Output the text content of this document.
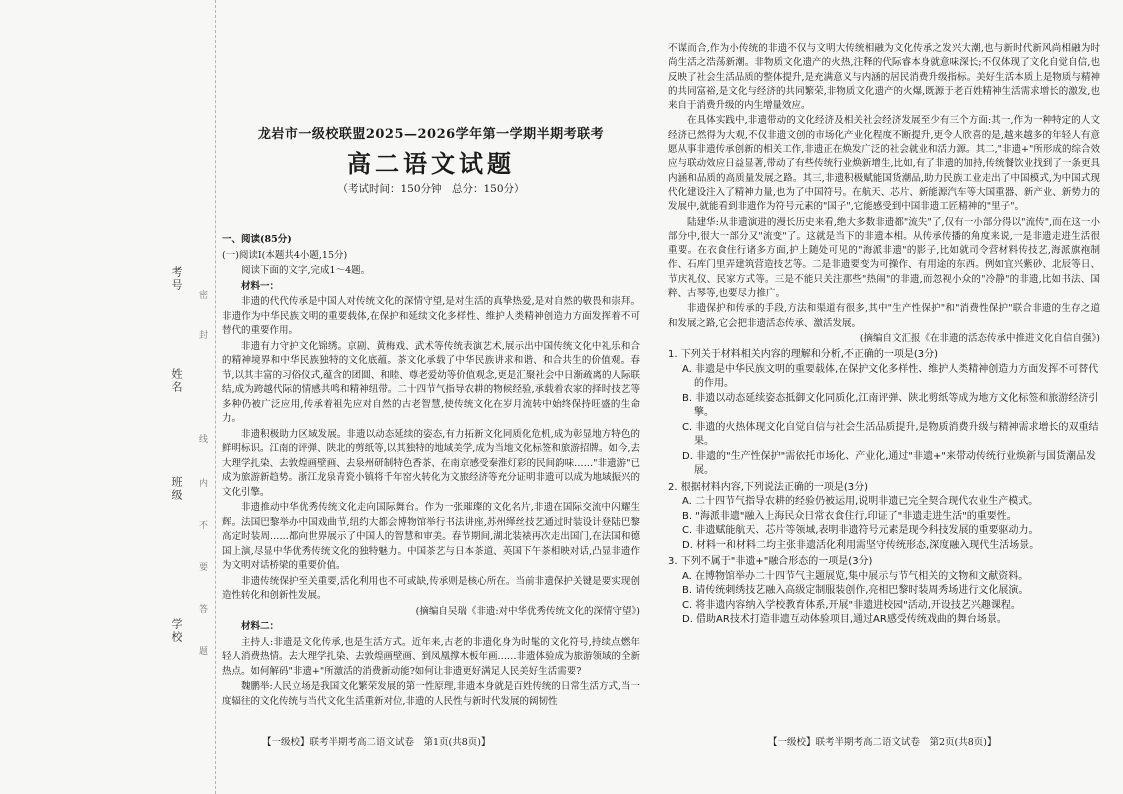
考号
姓名
班级
学校
密
封
线
内
不
要
答
题
龙岩市一级校联盟2025—2026学年第一学期半期考联考
高二语文试题
（考试时间：150分钟　总分：150分）

一、阅读(85分)

(一)阅读Ⅰ(本题共4小题,15分)

阅读下面的文字,完成1～4题。

材料一：

非遗的代代传承是中国人对传统文化的深情守望,是对生活的真挚热爱,是对自然的敬畏和崇拜。非遗作为中华民族文明的重要载体,在保护和延续文化多样性、维护人类精神创造力方面发挥着不可替代的重要作用。

非遗有力守护文化锦绣。京剧、黄梅戏、武术等传统表演艺术,展示出中国传统文化中礼乐和合的精神境界和中华民族独特的文化底蕴。茶文化承载了中华民族讲求和谐、和合共生的价值观。春节,以其丰富的习俗仪式,蕴含的团圆、和睦、尊老爱幼等价值观念,更是汇聚社会中日渐疏离的人际联结,成为跨越代际的情感共鸣和精神纽带。二十四节气指导农耕的物候经验,承载着农家的择时技艺等多种仍被广泛应用,传承着祖先应对自然的古老智慧,使传统文化在岁月流转中始终保持旺盛的生命力。

非遗积极助力区域发展。非遗以动态延续的姿态,有力拓新文化同质化危机,成为彰显地方特色的鲜明标识。江南的评弹、陕北的剪纸等,以其独特的地域美学,成为当地文化标签和旅游招牌。如今,去大理学扎染、去敦煌画壁画、去泉州研制特色香茶、在南京感受秦淮灯彩的民间韵味……"非遗游"已成为旅游新趋势。浙江龙泉青瓷小镇将千年窑火转化为文旅经济等充分证明非遗可以成为地域振兴的文化引擎。

非遗推动中华优秀传统文化走向国际舞台。作为一张璀璨的文化名片,非遗在国际交流中闪耀生辉。法国巴黎举办中国戏曲节,纽约大都会博物馆举行书法讲座,苏州缂丝技艺通过时装设计登陆巴黎高定时装周……都向世界展示了中国人的智慧和审美。春节期间,湖北装裱再次走出国门,在法国和德国上演,尽显中华优秀传统文化的独特魅力。中国茶艺与日本茶道、英国下午茶相映对话,凸显非遗作为文明对话桥梁的重要价值。

非遗传统保护至关重要,活化利用也不可或缺,传承则是核心所在。当前非遗保护关键是要实现创造性转化和创新性发展。

(摘编自吴瑞《非遗:对中华优秀传统文化的深情守望》)

材料二：

主持人:非遗是文化传承,也是生活方式。近年来,古老的非遗化身为时髦的文化符号,持续点燃年轻人消费热情。去大理学扎染、去敦煌画壁画、到凤凰撑木板年画……非遗体验成为旅游领域的全新热点。如何解码"非遗+"所激活的消费新动能?如何让非遗更好满足人民美好生活需要?

魏鹏举:人民立场是我国文化繁荣发展的第一性原理,非遗本身就是百姓传统的日常生活方式,当一度辐往的文化传统与当代文化生活重新对位,非遗的人民性与新时代发展的阔韧性

【一级校】联考半期考高二语文试卷　第1页(共8页)】

不谋而合,作为小传统的非遗不仅与文明大传统相融为文化传承之发兴大潮,也与新时代新风尚相融为时尚生活之浩荡新潮。非物质文化遗产的火热,注释的代际睿本身就意味深长;不仅体现了文化自觉自信,也反映了社会生活品质的整体提升,是充满意义与内涵的居民消费升级指标。美好生活本质上是物质与精神的共同富裕,是文化与经济的共同繁荣,非物质文化遗产的火爆,既源于老百姓精神生活需求增长的激发,也来自于消费升级的内生增量效应。

在具体实践中,非遗带动的文化经济及相关社会经济发展至少有三个方面:其一,作为一种特定的人文经济已然得为大观,不仅非遗文创的市场化产业化程度不断提升,更令人欣喜的是,越来越多的年轻人有意愿从事非遗传承创新的相关工作,非遗正在焕发广泛的社会就业和活力源。其二,"非遗+"所形成的综合效应与联动效应日益显著,带动了有些传统行业焕新增生,比如,有了非遗的加持,传统餐饮业找到了一条更具内涵和品质的高质量发展之路。其三,非遗积极赋能国货潮品,助力民族工业走出了中国模式,为中国式现代化建设注入了精神力量,也为了中国符号。在航天、芯片、新能源汽车等大国重器、新产业、新势力的发展中,就能看到非遗作为符号元素的"国子",它能感受到中国非遗工匠精神的"里子"。

陆建华:从非遗演进的漫长历史来看,绝大多数非遗都"流失"了,仅有一小部分得以"流传",而在这一小部分中,很大一部分又"流变"了。这就是当下的非遗本相。从传承传播的角度来说,一是非遗走进生活很重要。在衣食住行诸多方面,护上随处可见的"海派非遗"的影子,比如就司令营材料传技艺,海派旗袍制作、石库门里弄建筑营造技艺等。二是非遗要变为可操作、有用途的东西。例如宜兴紫砂、北辰等日、节庆礼仪、民家方式等。三是不能只关注那些"热闹"的非遗,而忽视小众的"冷静"的非遗,比如书法、国粹、古琴等,也要尽力推广。

非遗保护和传承的手段,方法和渠道有很多,其中"生产性保护"和"消费性保护"联合非遗的生存之道和发展之路,它会把非遗活态传承、激活发展。

(摘编自文汇报《在非遗的活态传承中推进文化自信自强》)

1. 下列关于材料相关内容的理解和分析,不正确的一项是(3分)
A. 非遗是中华民族文明的重要载体,在保护文化多样性、维护人类精神创造力方面发挥不可替代的作用。
B. 非遗以动态延续姿态抵御文化同质化,江南评弹、陕北剪纸等成为地方文化标签和旅游经济引擎。
C. 非遗的火热体现文化自觉自信与社会生活品质提升,是物质消费升级与精神需求增长的双重结果。
D. 非遗的"生产性保护"需依托市场化、产业化,通过"非遗+"来带动传统行业焕新与国货潮品发展。
2. 根据材料内容,下列说法正确的一项是(3分)
A. 二十四节气指导农耕的经验仍被运用,说明非遗已完全契合现代农业生产模式。
B. "海派非遗"融入上海民众日常衣食住行,印证了"非遗走进生活"的重要性。
C. 非遗赋能航天、芯片等领域,表明非遗符号元素是现今科技发展的重要驱动力。
D. 材料一和材料二均主张非遗活化利用需坚守传统形态,深度融入现代生活场景。
3. 下列不属于"非遗+"融合形态的一项是(3分)
A. 在博物馆举办二十四节气主题展览,集中展示与节气相关的文物和文献资料。
B. 请传统刺绣技艺融入高级定制服装创作,亮相巴黎时装周秀场进行文化展演。
C. 将非遗内容纳入学校教育体系,开展"非遗进校园"活动,开设技艺兴趣课程。
D. 借助AR技术打造非遗互动体验项目,通过AR感受传统戏曲的舞台场景。
【一级校】联考半期考高二语文试卷　第2页(共8页)】
